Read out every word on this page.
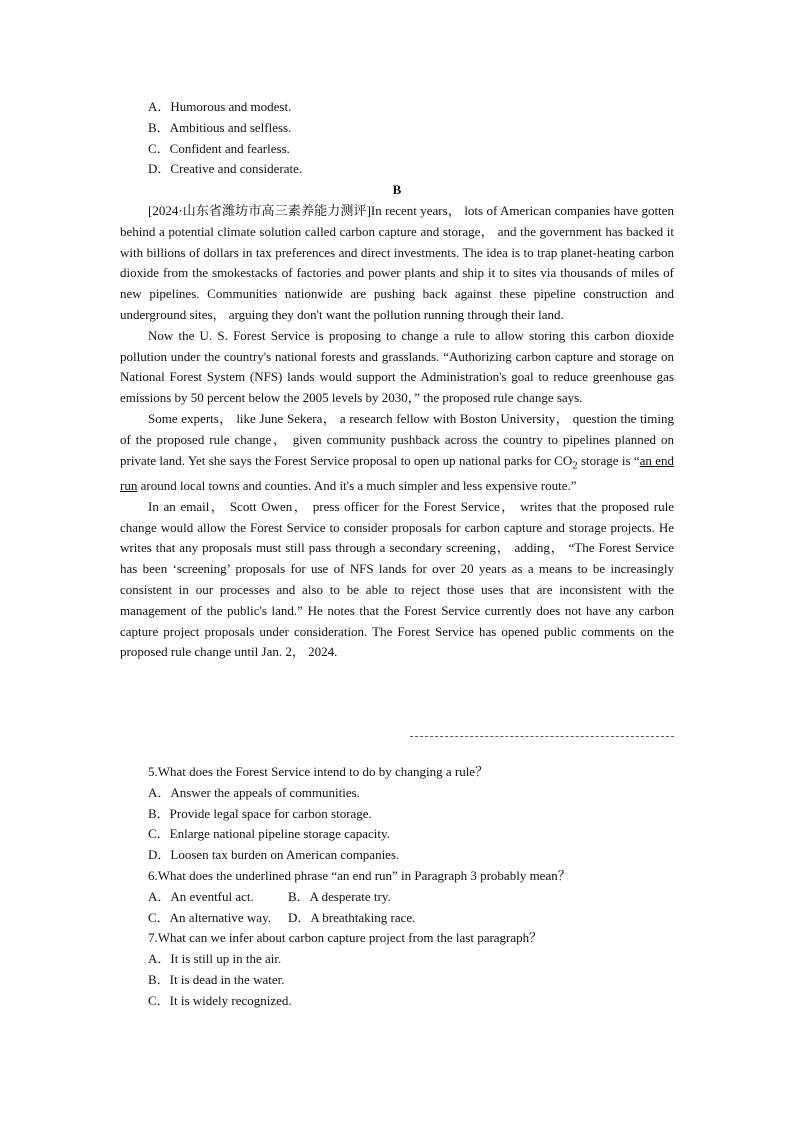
A．Humorous and modest.
B．Ambitious and selfless.
C．Confident and fearless.
D．Creative and considerate.
B

[2024·山东省潍坊市高三素养能力测评]In recent years， lots of American companies have gotten behind a potential climate solution called carbon capture and storage， and the government has backed it with billions of dollars in tax preferences and direct investments. The idea is to trap planet-heating carbon dioxide from the smokestacks of factories and power plants and ship it to sites via thousands of miles of new pipelines. Communities nationwide are pushing back against these pipeline construction and underground sites， arguing they don't want the pollution running through their land.

Now the U. S. Forest Service is proposing to change a rule to allow storing this carbon dioxide pollution under the country's national forests and grasslands. “Authorizing carbon capture and storage on National Forest System (NFS) lands would support the Administration's goal to reduce greenhouse gas emissions by 50 percent below the 2005 levels by 2030，” the proposed rule change says.

Some experts， like June Sekera， a research fellow with Boston University， question the timing of the proposed rule change， given community pushback across the country to pipelines planned on private land. Yet she says the Forest Service proposal to open up national parks for $CO_2$ storage is “an end run around local towns and counties. And it's a much simpler and less expensive route.”

In an email， Scott Owen， press officer for the Forest Service， writes that the proposed rule change would allow the Forest Service to consider proposals for carbon capture and storage projects. He writes that any proposals must still pass through a secondary screening， adding， “The Forest Service has been ‘screening’ proposals for use of NFS lands for over 20 years as a means to be increasingly consistent in our processes and also to be able to reject those uses that are inconsistent with the management of the public's land.” He notes that the Forest Service currently does not have any carbon capture project proposals under consideration. The Forest Service has opened public comments on the proposed rule change until Jan. 2， 2024.

5.What does the Forest Service intend to do by changing a rule？
A．Answer the appeals of communities.
B．Provide legal space for carbon storage.
C．Enlarge national pipeline storage capacity.
D．Loosen tax burden on American companies.
6.What does the underlined phrase “an end run” in Paragraph 3 probably mean？
A．An eventful act.	B．A desperate try.
C．An alternative way.	D．A breathtaking race.
7.What can we infer about carbon capture project from the last paragraph？
A．It is still up in the air.
B．It is dead in the water.
C．It is widely recognized.
